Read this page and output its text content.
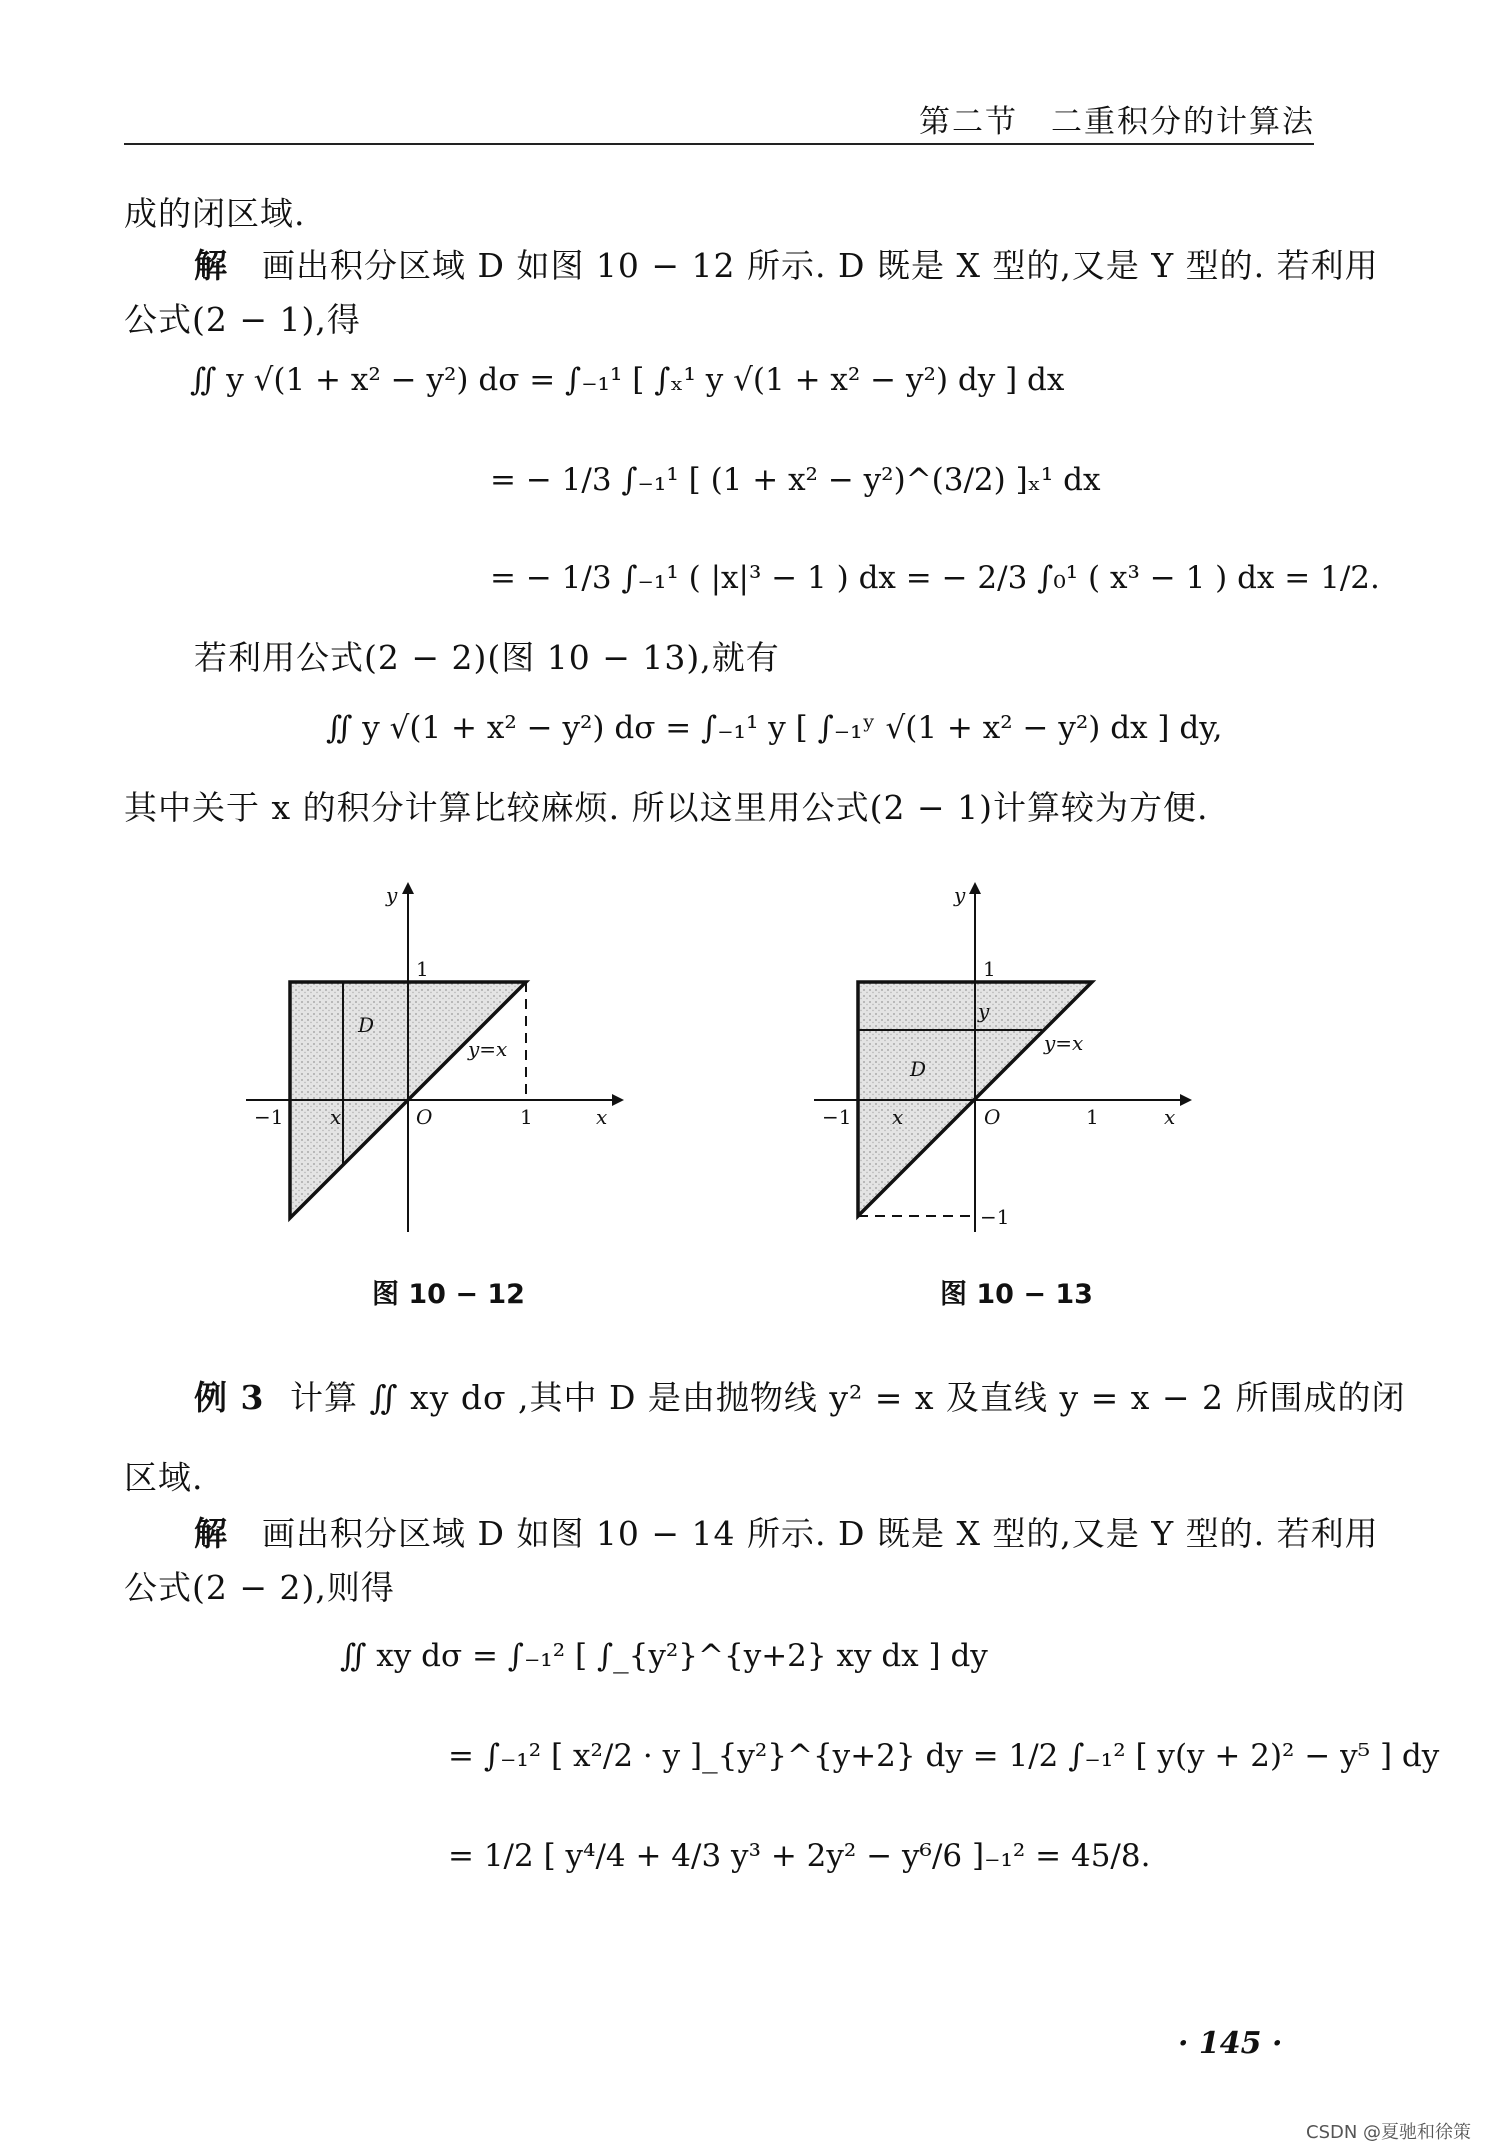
第二节　二重积分的计算法
成的闭区域.
解 画出积分区域 D 如图 10 − 12 所示. D 既是 X 型的,又是 Y 型的. 若利用
公式(2 − 1),得
∬ y √(1 + x² − y²) dσ = ∫₋₁¹ [ ∫ₓ¹ y √(1 + x² − y²) dy ] dx
= − 1/3 ∫₋₁¹ [ (1 + x² − y²)^(3/2) ]ₓ¹ dx
= − 1/3 ∫₋₁¹ ( |x|³ − 1 ) dx = − 2/3 ∫₀¹ ( x³ − 1 ) dx = 1/2.
若利用公式(2 − 2)(图 10 − 13),就有
∬ y √(1 + x² − y²) dσ = ∫₋₁¹ y [ ∫₋₁ʸ √(1 + x² − y²) dx ] dy,
其中关于 x 的积分计算比较麻烦. 所以这里用公式(2 − 1)计算较为方便.
y
1
D
y=x
−1 x	O	1	x
图 10 − 12
y
1
y
y=x
D
−1 x	O	1	x
−1
图 10 − 13
例 3 计算 ∬ xy dσ ,其中 D 是由抛物线 y² = x 及直线 y = x − 2 所围成的闭
区域.
解 画出积分区域 D 如图 10 − 14 所示. D 既是 X 型的,又是 Y 型的. 若利用
公式(2 − 2),则得
∬ xy dσ = ∫₋₁² [ ∫_{y²}^{y+2} xy dx ] dy
= ∫₋₁² [ x²/2 · y ]_{y²}^{y+2} dy = 1/2 ∫₋₁² [ y(y + 2)² − y⁵ ] dy
= 1/2 [ y⁴/4 + 4/3 y³ + 2y² − y⁶/6 ]₋₁² = 45/8.
· 145 ·
CSDN @夏驰和徐策
